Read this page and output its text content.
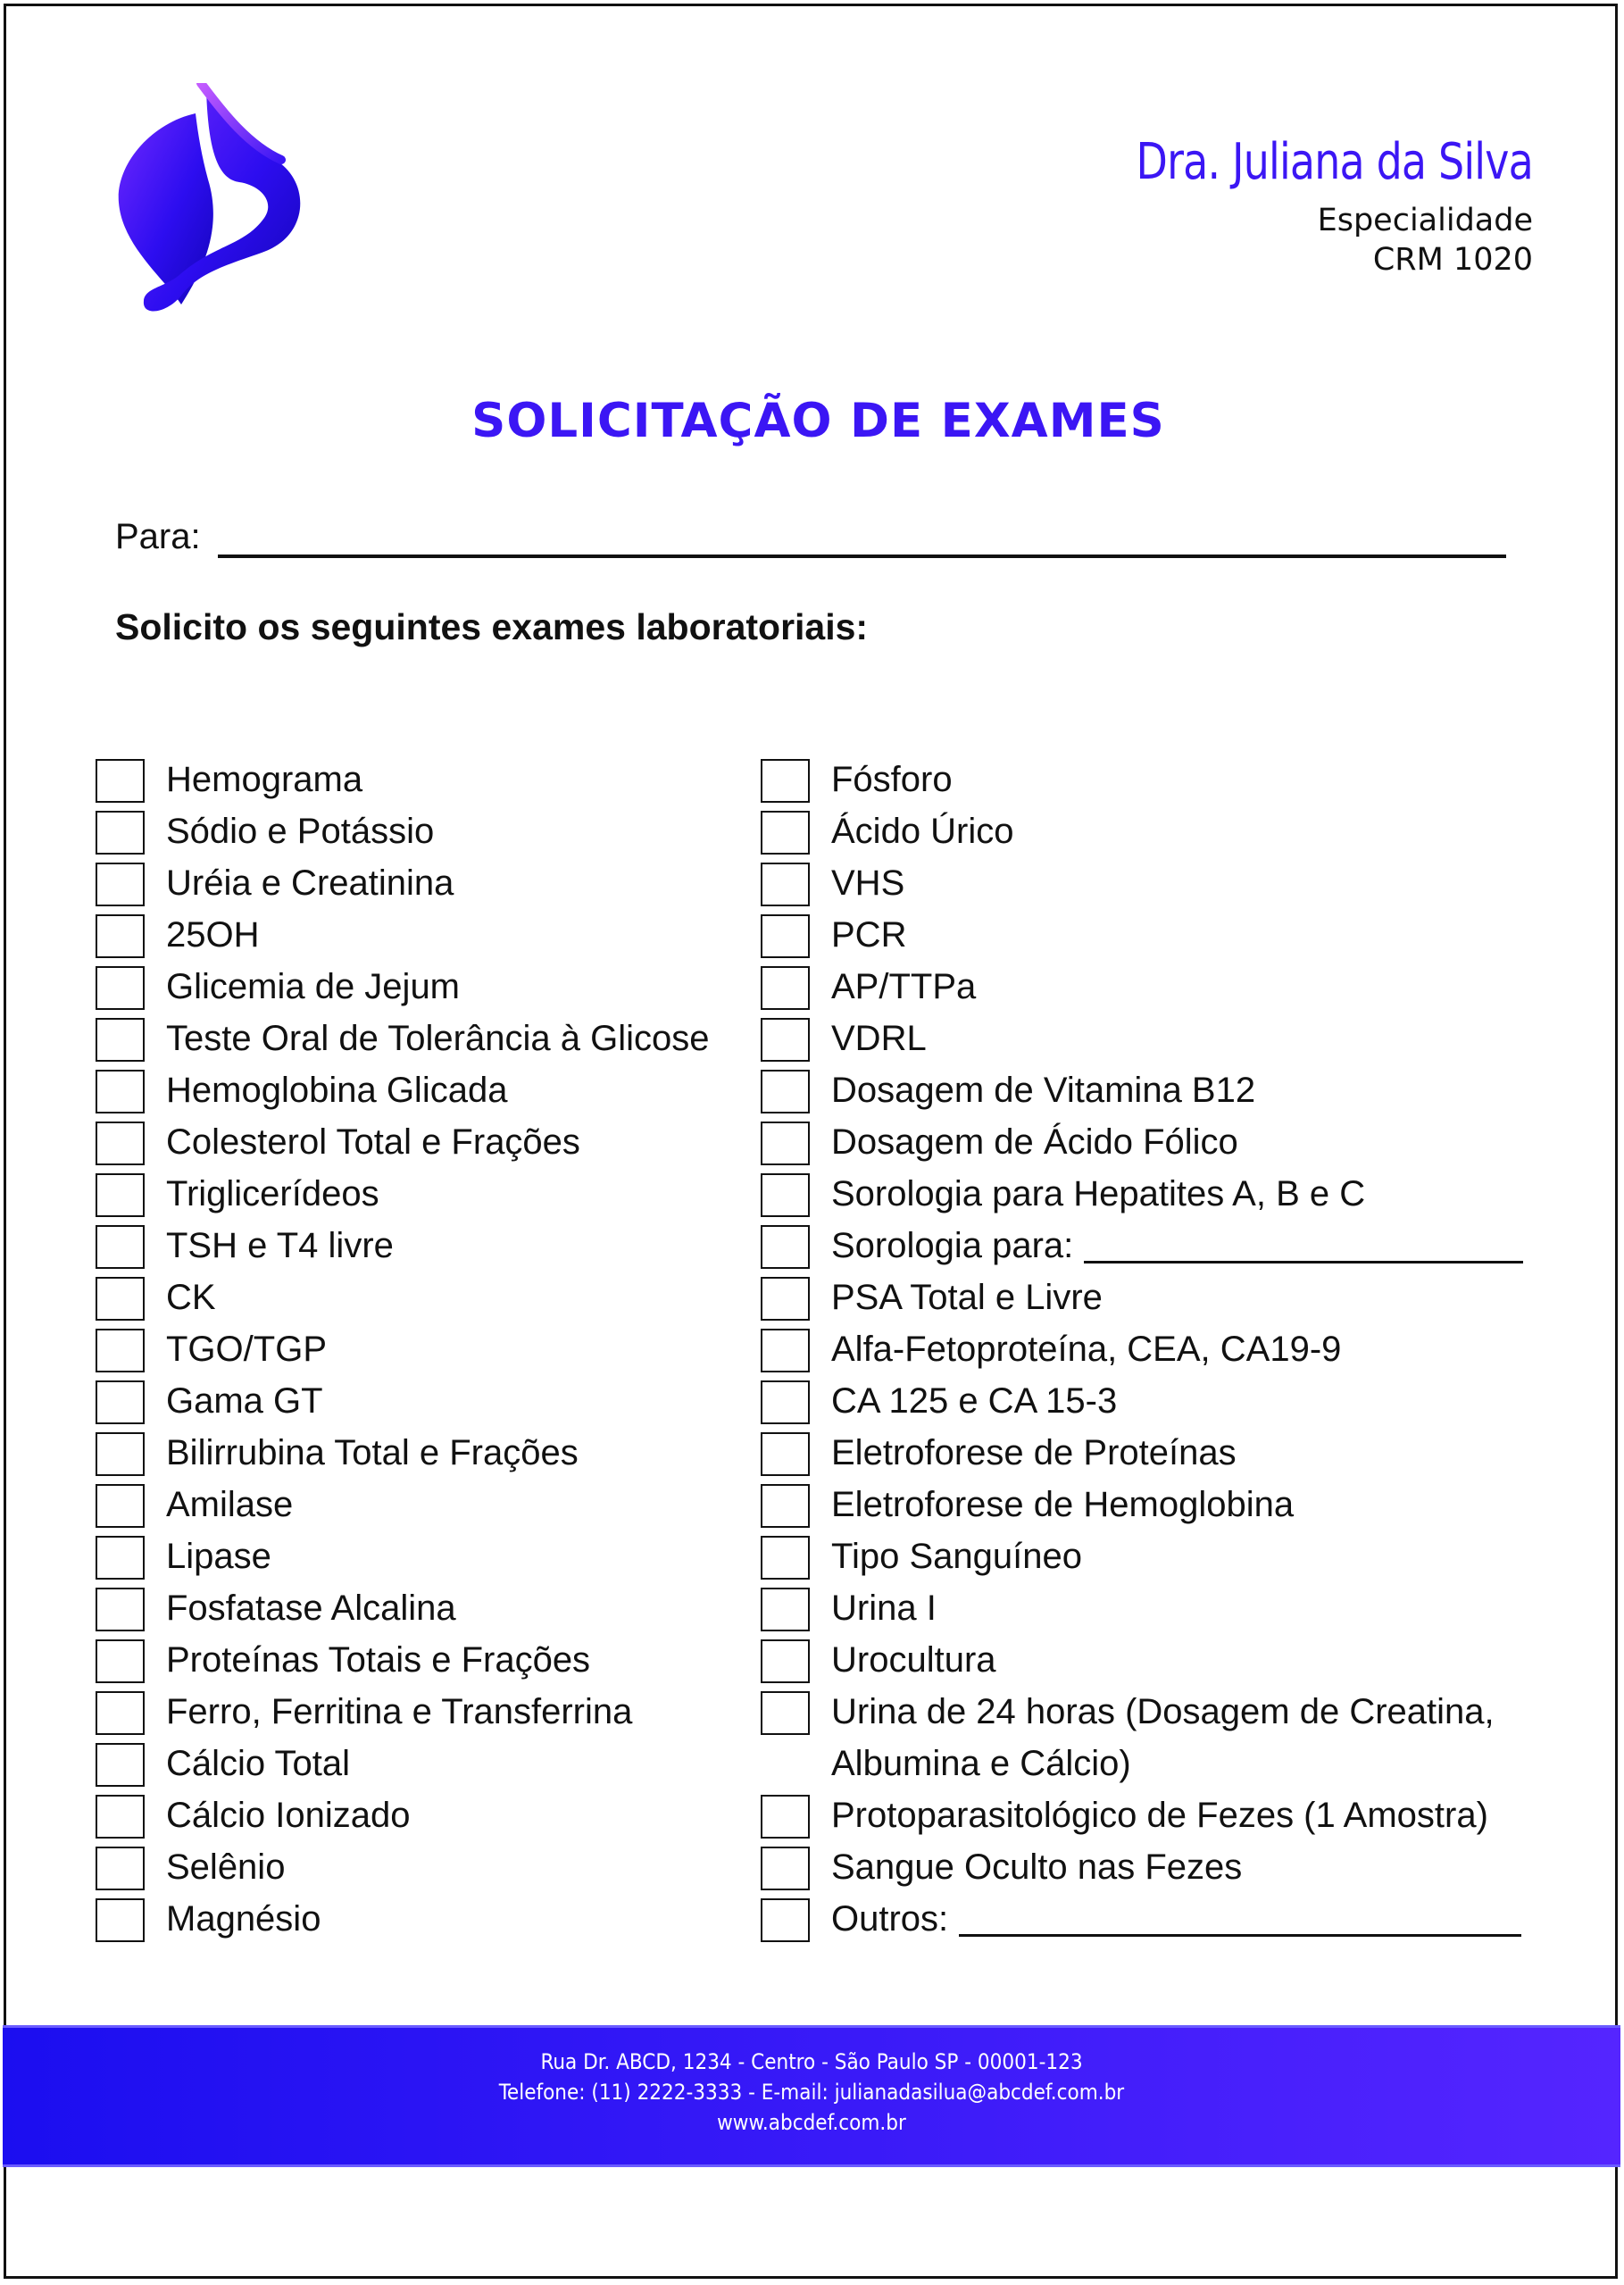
Dra. Juliana da Silva
Especialidade
CRM 1020
SOLICITAÇÃO DE EXAMES
Para:
Solicito os seguintes exames laboratoriais:
Hemograma
Sódio e Potássio
Uréia e Creatinina
25OH
Glicemia de Jejum
Teste Oral de Tolerância à Glicose
Hemoglobina Glicada
Colesterol Total e Frações
Triglicerídeos
TSH e T4 livre
CK
TGO/TGP
Gama GT
Bilirrubina Total e Frações
Amilase
Lipase
Fosfatase Alcalina
Proteínas Totais e Frações
Ferro, Ferritina e Transferrina
Cálcio Total
Cálcio Ionizado
Selênio
Magnésio
Fósforo
Ácido Úrico
VHS
PCR
AP/TTPa
VDRL
Dosagem de Vitamina B12
Dosagem de Ácido Fólico
Sorologia para Hepatites A, B e C
Sorologia para:
PSA Total e Livre
Alfa-Fetoproteína, CEA, CA19-9
CA 125 e CA 15-3
Eletroforese de Proteínas
Eletroforese de Hemoglobina
Tipo Sanguíneo
Urina I
Urocultura
Urina de 24 horas (Dosagem de Creatina, Albumina e Cálcio)
Protoparasitológico de Fezes (1 Amostra)
Sangue Oculto nas Fezes
Outros:
Rua Dr. ABCD, 1234 - Centro - São Paulo SP - 00001-123
Telefone: (11) 2222-3333 - E-mail: julianadasilua@abcdef.com.br
www.abcdef.com.br
